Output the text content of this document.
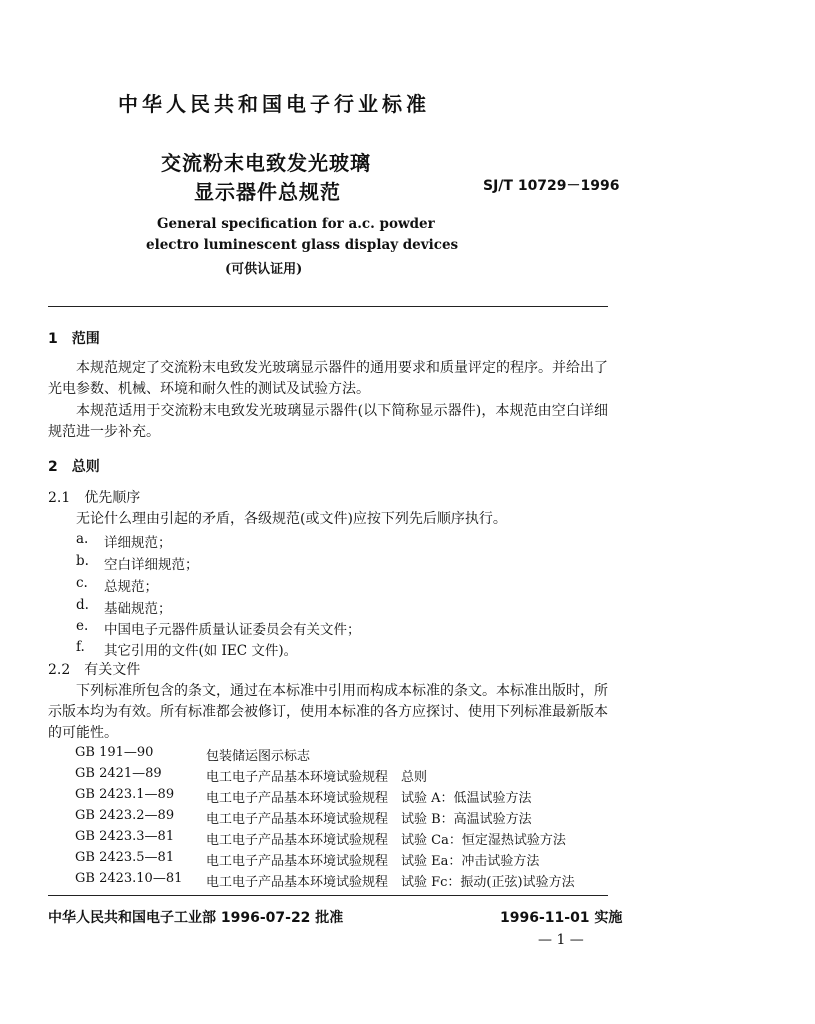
中华人民共和国电子行业标准
交流粉末电致发光玻璃
显示器件总规范	SJ/T 10729－1996
General specification for a.c. powder
electro luminescent glass display devices
(可供认证用)
1　范围
本规范规定了交流粉末电致发光玻璃显示器件的通用要求和质量评定的程序。并给出了光电参数、机械、环境和耐久性的测试及试验方法。
本规范适用于交流粉末电致发光玻璃显示器件(以下简称显示器件)，本规范由空白详细规范进一步补充。
2　总则
2.1　优先顺序
无论什么理由引起的矛盾，各级规范(或文件)应按下列先后顺序执行。
a. 详细规范；
b. 空白详细规范；
c. 总规范；
d. 基础规范；
e. 中国电子元器件质量认证委员会有关文件；
f. 其它引用的文件(如 IEC 文件)。
2.2　有关文件
下列标准所包含的条文，通过在本标准中引用而构成本标准的条文。本标准出版时，所示版本均为有效。所有标准都会被修订，使用本标准的各方应探讨、使用下列标准最新版本的可能性。
GB 191—90	包装储运图示标志
GB 2421—89	电工电子产品基本环境试验规程　总则
GB 2423.1—89 电工电子产品基本环境试验规程　试验 A：低温试验方法
GB 2423.2—89 电工电子产品基本环境试验规程　试验 B：高温试验方法
GB 2423.3—81 电工电子产品基本环境试验规程　试验 Ca：恒定湿热试验方法
GB 2423.5—81 电工电子产品基本环境试验规程　试验 Ea：冲击试验方法
GB 2423.10—81 电工电子产品基本环境试验规程　试验 Fc：振动(正弦)试验方法
中华人民共和国电子工业部 1996-07-22 批准	1996-11-01 实施
— 1 —
